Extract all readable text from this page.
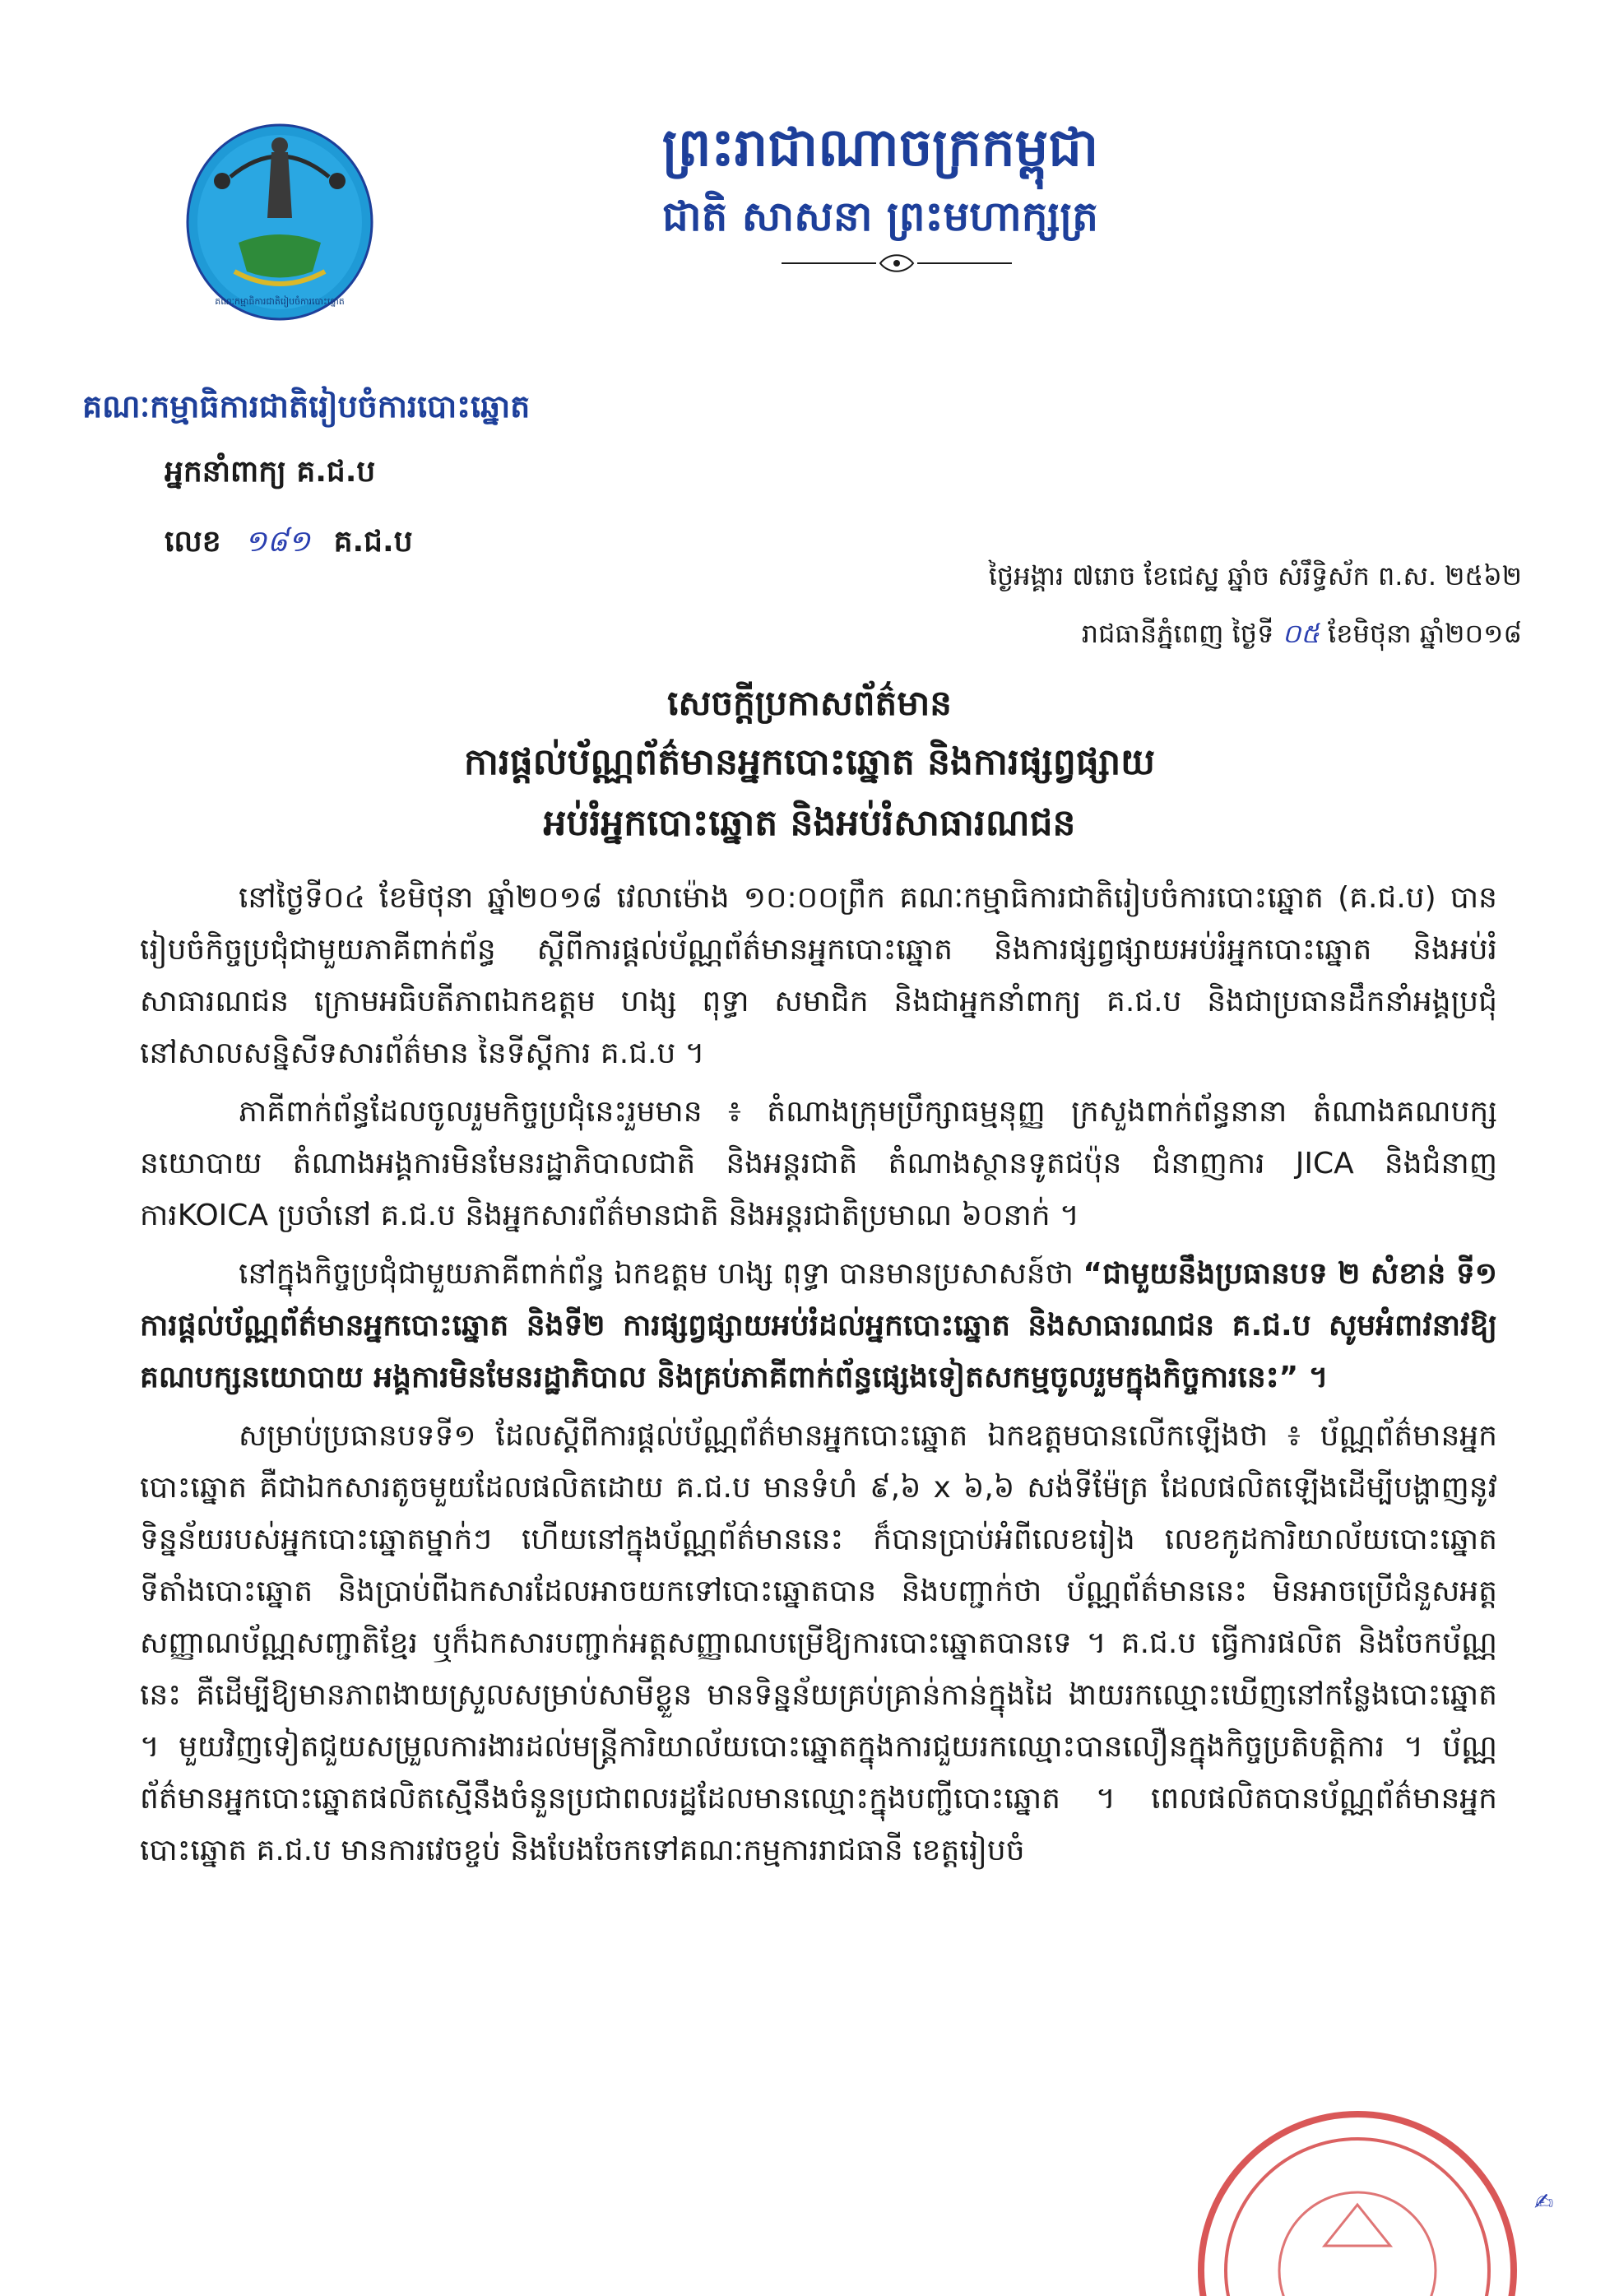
ព្រះរាជាណាចក្រកម្ពុជា
ជាតិ សាសនា ព្រះមហាក្សត្រ
គណៈកម្មាធិការជាតិរៀបចំការបោះឆ្នោត
គណៈកម្មាធិការជាតិរៀបចំការបោះឆ្នោត
អ្នកនាំពាក្យ គ.ជ.ប
លេខ ១៨១ គ.ជ.ប
ថ្ងៃអង្គារ ៧រោច ខែជេស្ឋ ឆ្នាំច សំរឹទ្ធិស័ក ព.ស. ២៥៦២
រាជធានីភ្នំពេញ ថ្ងៃទី ០៥ ខែមិថុនា ឆ្នាំ២០១៨
សេចក្តីប្រកាសព័ត៌មាន
ការផ្តល់ប័ណ្ណព័ត៌មានអ្នកបោះឆ្នោត និងការផ្សព្វផ្សាយ
អប់រំអ្នកបោះឆ្នោត និងអប់រំសាធារណជន

នៅថ្ងៃទី០៤ ខែមិថុនា ឆ្នាំ២០១៨ វេលាម៉ោង ១០:០០ព្រឹក គណៈកម្មាធិការជាតិរៀបចំការបោះឆ្នោត (គ.ជ.ប) បានរៀបចំកិច្ចប្រជុំជាមួយភាគីពាក់ព័ន្ធ ស្តីពីការផ្តល់ប័ណ្ណព័ត៌មានអ្នកបោះឆ្នោត និងការផ្សព្វផ្សាយអប់រំអ្នកបោះឆ្នោត និងអប់រំសាធារណជន ក្រោមអធិបតីភាពឯកឧត្តម ហង្ស ពុទ្ធា សមាជិក និងជាអ្នកនាំពាក្យ គ.ជ.ប និងជាប្រធានដឹកនាំអង្គប្រជុំ នៅសាលសន្និសីទសារព័ត៌មាន នៃទីស្តីការ គ.ជ.ប ។

ភាគីពាក់ព័ន្ធដែលចូលរួមកិច្ចប្រជុំនេះរួមមាន ៖ តំណាងក្រុមប្រឹក្សាធម្មនុញ្ញ ក្រសួងពាក់ព័ន្ធនានា តំណាងគណបក្សនយោបាយ តំណាងអង្គការមិនមែនរដ្ឋាភិបាលជាតិ និងអន្តរជាតិ តំណាងស្ថានទូតជប៉ុន ជំនាញការ JICA និងជំនាញការKOICA ប្រចាំនៅ គ.ជ.ប និងអ្នកសារព័ត៌មានជាតិ និងអន្តរជាតិប្រមាណ ៦០នាក់ ។

នៅក្នុងកិច្ចប្រជុំជាមួយភាគីពាក់ព័ន្ធ ឯកឧត្តម ហង្ស ពុទ្ធា បានមានប្រសាសន៍ថា “ជាមួយនឹងប្រធានបទ ២ សំខាន់ ទី១ ការផ្តល់ប័ណ្ណព័ត៌មានអ្នកបោះឆ្នោត និងទី២ ការផ្សព្វផ្សាយអប់រំដល់អ្នកបោះឆ្នោត និងសាធារណជន គ.ជ.ប សូមអំពាវនាវឱ្យគណបក្សនយោបាយ អង្គការមិនមែនរដ្ឋាភិបាល និងគ្រប់ភាគីពាក់ព័ន្ធផ្សេងទៀតសកម្មចូលរួមក្នុងកិច្ចការនេះ” ។

សម្រាប់ប្រធានបទទី១ ដែលស្តីពីការផ្តល់ប័ណ្ណព័ត៌មានអ្នកបោះឆ្នោត ឯកឧត្តមបានលើកឡើងថា ៖ ប័ណ្ណព័ត៌មានអ្នកបោះឆ្នោត គឺជាឯកសារតូចមួយដែលផលិតដោយ គ.ជ.ប មានទំហំ ៩,៦ x ៦,៦ សង់ទីម៉ែត្រ ដែលផលិតឡើងដើម្បីបង្ហាញនូវទិន្នន័យរបស់អ្នកបោះឆ្នោតម្នាក់ៗ ហើយនៅក្នុងប័ណ្ណព័ត៌មាននេះ ក៏បានប្រាប់អំពីលេខរៀង លេខកូដការិយាល័យបោះឆ្នោត ទីតាំងបោះឆ្នោត និងប្រាប់ពីឯកសារដែលអាចយកទៅបោះឆ្នោតបាន និងបញ្ជាក់ថា ប័ណ្ណព័ត៌មាននេះ មិនអាចប្រើជំនួសអត្តសញ្ញាណប័ណ្ណសញ្ជាតិខ្មែរ ឬក៏ឯកសារបញ្ជាក់អត្តសញ្ញាណបម្រើឱ្យការបោះឆ្នោតបានទេ ។ គ.ជ.ប ធ្វើការផលិត និងចែកប័ណ្ណនេះ គឺដើម្បីឱ្យមានភាពងាយស្រួលសម្រាប់សាមីខ្លួន មានទិន្នន័យគ្រប់គ្រាន់កាន់ក្នុងដៃ ងាយរកឈ្មោះឃើញនៅកន្លែងបោះឆ្នោត ។ មួយវិញទៀតជួយសម្រួលការងារដល់មន្ត្រីការិយាល័យបោះឆ្នោតក្នុងការជួយរកឈ្មោះបានលឿនក្នុងកិច្ចប្រតិបត្តិការ ។ ប័ណ្ណព័ត៌មានអ្នកបោះឆ្នោតផលិតស្មើនឹងចំនួនប្រជាពលរដ្ឋដែលមានឈ្មោះក្នុងបញ្ជីបោះឆ្នោត ។ ពេលផលិតបានប័ណ្ណព័ត៌មានអ្នកបោះឆ្នោត គ.ជ.ប មានការវេចខ្ចប់ និងបែងចែកទៅគណៈកម្មការរាជធានី ខេត្តរៀបចំ

✍
